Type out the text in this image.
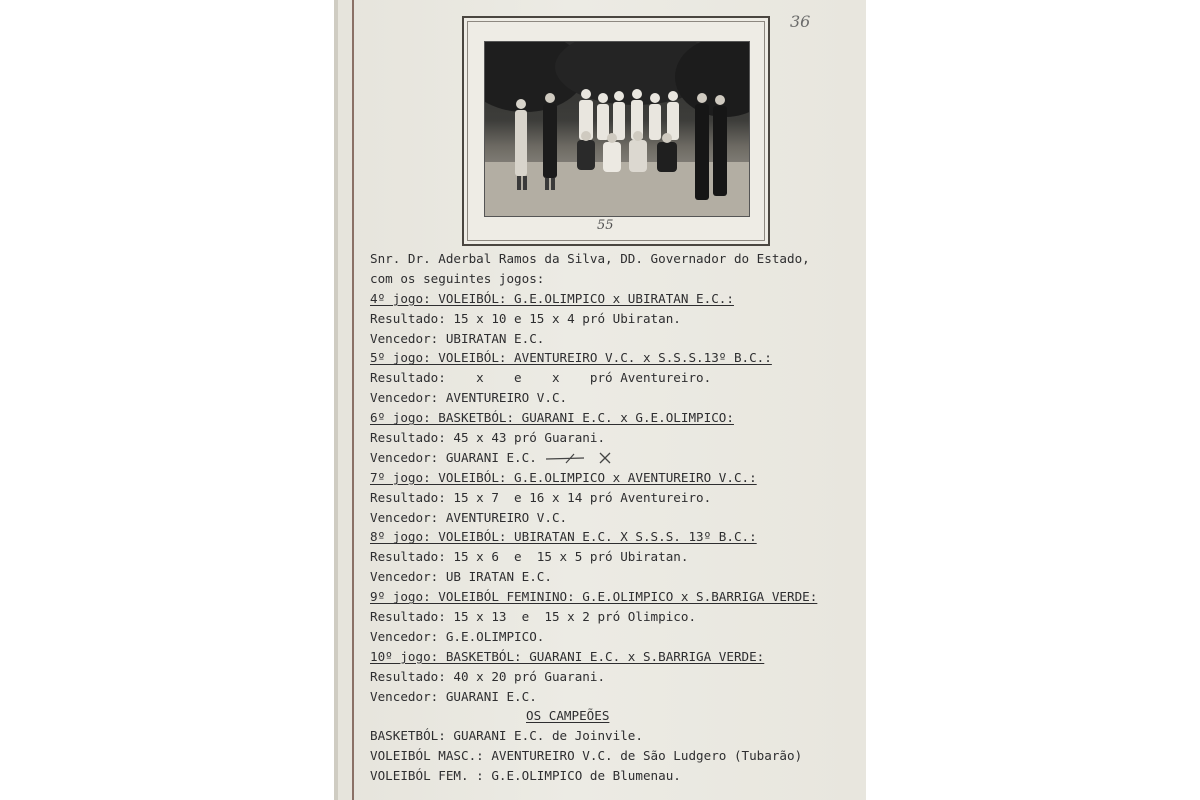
36
55
Snr. Dr. Aderbal Ramos da Silva, DD. Governador do Estado,
com os seguintes jogos:
4º jogo: VOLEIBÓL: G.E.OLIMPICO x UBIRATAN E.C.:
Resultado: 15 x 10 e 15 x 4 pró Ubiratan.
Vencedor: UBIRATAN E.C.
5º jogo: VOLEIBÓL: AVENTUREIRO V.C. x S.S.S.13º B.C.:
Resultado:    x    e    x    pró Aventureiro.
Vencedor: AVENTUREIRO V.C.
6º jogo: BASKETBÓL: GUARANI E.C. x G.E.OLIMPICO:
Resultado: 45 x 43 pró Guarani.
Vencedor: GUARANI E.C.
7º jogo: VOLEIBÓL: G.E.OLIMPICO x AVENTUREIRO V.C.:
Resultado: 15 x 7  e 16 x 14 pró Aventureiro.
Vencedor: AVENTUREIRO V.C.
8º jogo: VOLEIBÓL: UBIRATAN E.C. X S.S.S. 13º B.C.:
Resultado: 15 x 6  e  15 x 5 pró Ubiratan.
Vencedor: UB IRATAN E.C.
9º jogo: VOLEIBÓL FEMININO: G.E.OLIMPICO x S.BARRIGA VERDE:
Resultado: 15 x 13  e  15 x 2 pró Olimpico.
Vencedor: G.E.OLIMPICO.
10º jogo: BASKETBÓL: GUARANI E.C. x S.BARRIGA VERDE:
Resultado: 40 x 20 pró Guarani.
Vencedor: GUARANI E.C.
OS CAMPEÕES
BASKETBÓL: GUARANI E.C. de Joinvile.
VOLEIBÓL MASC.: AVENTUREIRO V.C. de São Ludgero (Tubarão)
VOLEIBÓL FEM. : G.E.OLIMPICO de Blumenau.
